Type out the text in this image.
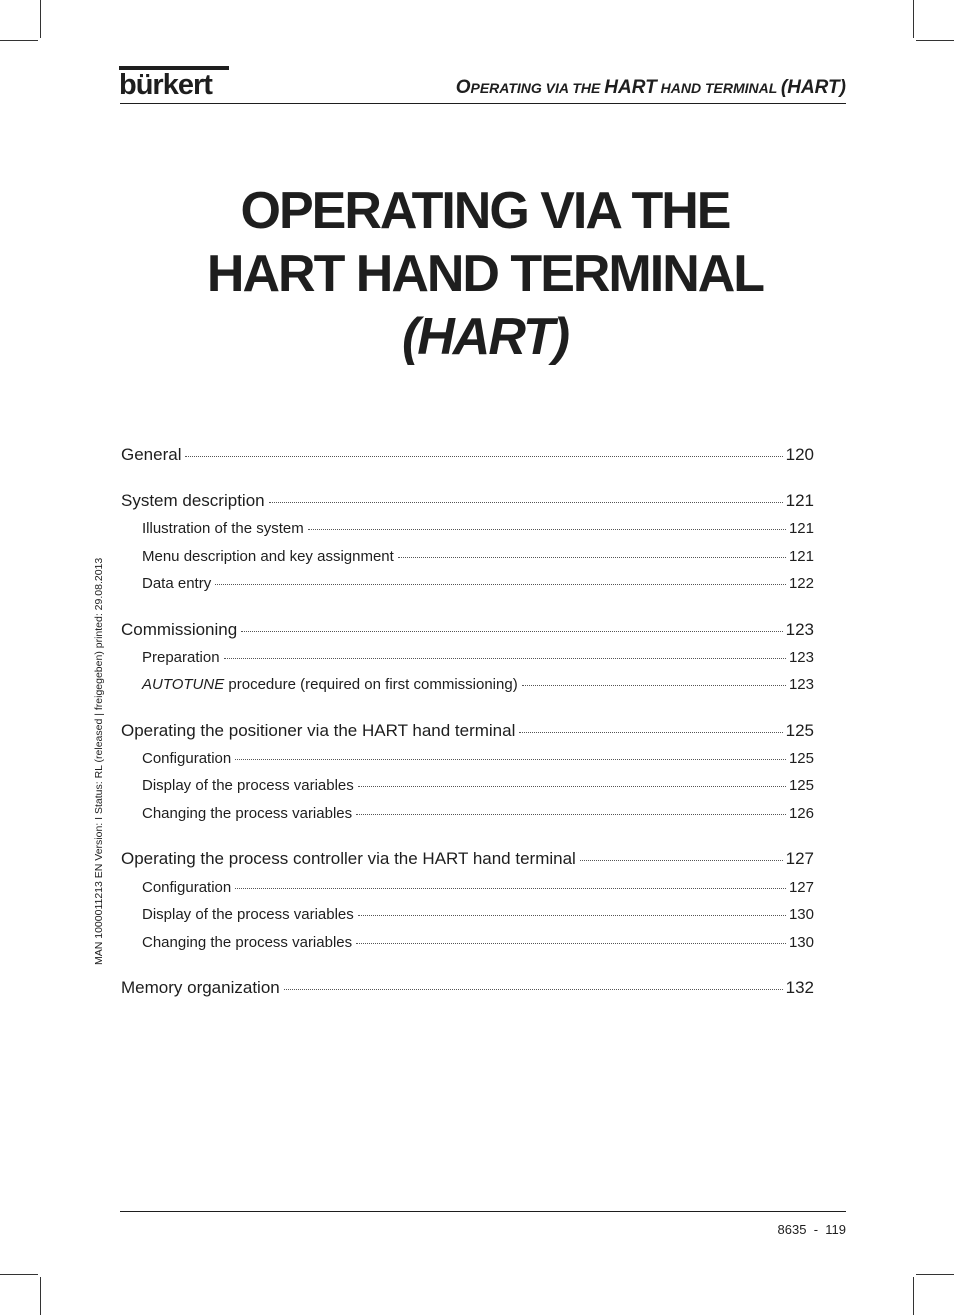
bürkert	OPERATING VIA THE HART HAND TERMINAL (HART)
OPERATING VIA THE
HART HAND TERMINAL
(HART)
General	120
System description	121
Illustration of the system	121
Menu description and key assignment	121
Data entry	122
Commissioning	123
Preparation	123
AUTOTUNE procedure (required on first commissioning)	123
Operating the positioner via the HART hand terminal	125
Configuration	125
Display of the process variables	125
Changing the process variables	126
Operating the process controller via the HART hand terminal	127
Configuration	127
Display of the process variables	130
Changing the process variables	130
Memory organization	132
MAN 1000011213 EN Version: I Status: RL (released | freigegeben) printed: 29.08.2013
8635 - 119
